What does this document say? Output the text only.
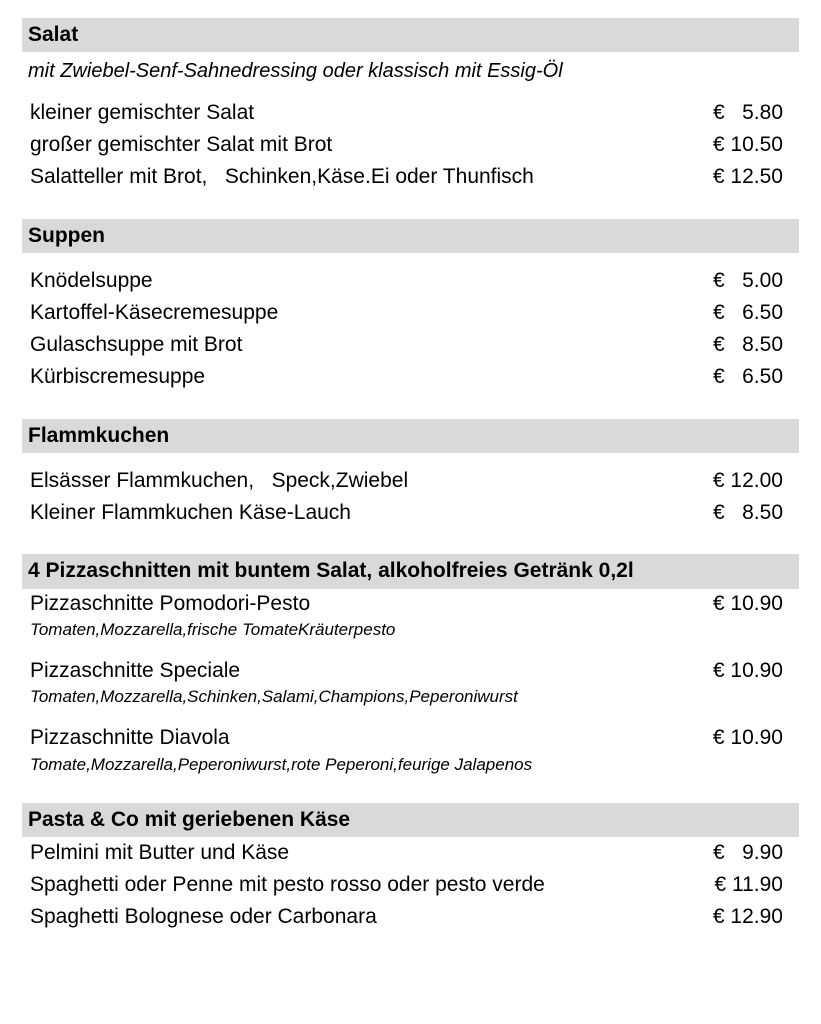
Salat
mit Zwiebel-Senf-Sahnedressing oder klassisch mit Essig-Öl
kleiner gemischter Salat	€   5.80
großer gemischter Salat mit Brot	€ 10.50
Salatteller mit Brot,   Schinken,Käse.Ei oder Thunfisch	€ 12.50
Suppen
Knödelsuppe	€   5.00
Kartoffel-Käsecremesuppe	€   6.50
Gulaschsuppe mit Brot	€   8.50
Kürbiscremesuppe	€   6.50
Flammkuchen
Elsässer Flammkuchen,   Speck,Zwiebel	€ 12.00
Kleiner Flammkuchen Käse-Lauch	€   8.50
4 Pizzaschnitten mit buntem Salat, alkoholfreies Getränk 0,2l
Pizzaschnitte Pomodori-Pesto	€ 10.90
Tomaten,Mozzarella,frische TomateKräuterpesto
Pizzaschnitte Speciale	€ 10.90
Tomaten,Mozzarella,Schinken,Salami,Champions,Peperoniwurst
Pizzaschnitte Diavola	€ 10.90
Tomate,Mozzarella,Peperoniwurst,rote Peperoni,feurige Jalapenos
Pasta & Co mit geriebenen Käse
Pelmini mit Butter und Käse	€   9.90
Spaghetti oder Penne mit pesto rosso oder pesto verde	€ 11.90
Spaghetti Bolognese oder Carbonara	€ 12.90
